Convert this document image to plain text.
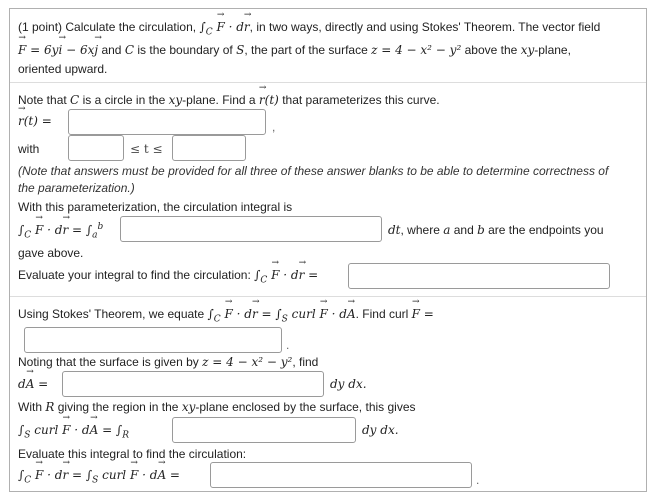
(1 point) Calculate the circulation, $\int_C$ F → · dr →, in two ways, directly and using Stokes' Theorem. The vector field
F → = 6yi → − 6xj → and C is the boundary of S, the part of the surface z = 4 − x² − y² above the xy-plane,
oriented upward.
Note that C is a circle in the xy-plane. Find a r →(t) that parameterizes this curve.
r →(t) =	,
with	≤ t ≤
(Note that answers must be provided for all three of these answer blanks to be able to determine correctness of
the parameterization.)
With this parameterization, the circulation integral is
$\int_C$ F → · dr → = $\int_a^b$	dt, where a and b are the endpoints you
gave above.
Evaluate your integral to find the circulation: $\int_C$ F → · dr → =
Using Stokes' Theorem, we equate $\int_C$ F → · dr → = $\int_S$ curl F → · dA →. Find curl F → =
.
Noting that the surface is given by z = 4 − x² − y², find
dA → =	dy dx.
With R giving the region in the xy-plane enclosed by the surface, this gives
$\int_S$ curl F → · dA → = $\int_R$	dy dx.
Evaluate this integral to find the circulation:
$\int_C$ F → · dr → = $\int_S$ curl F → · dA → =	.
